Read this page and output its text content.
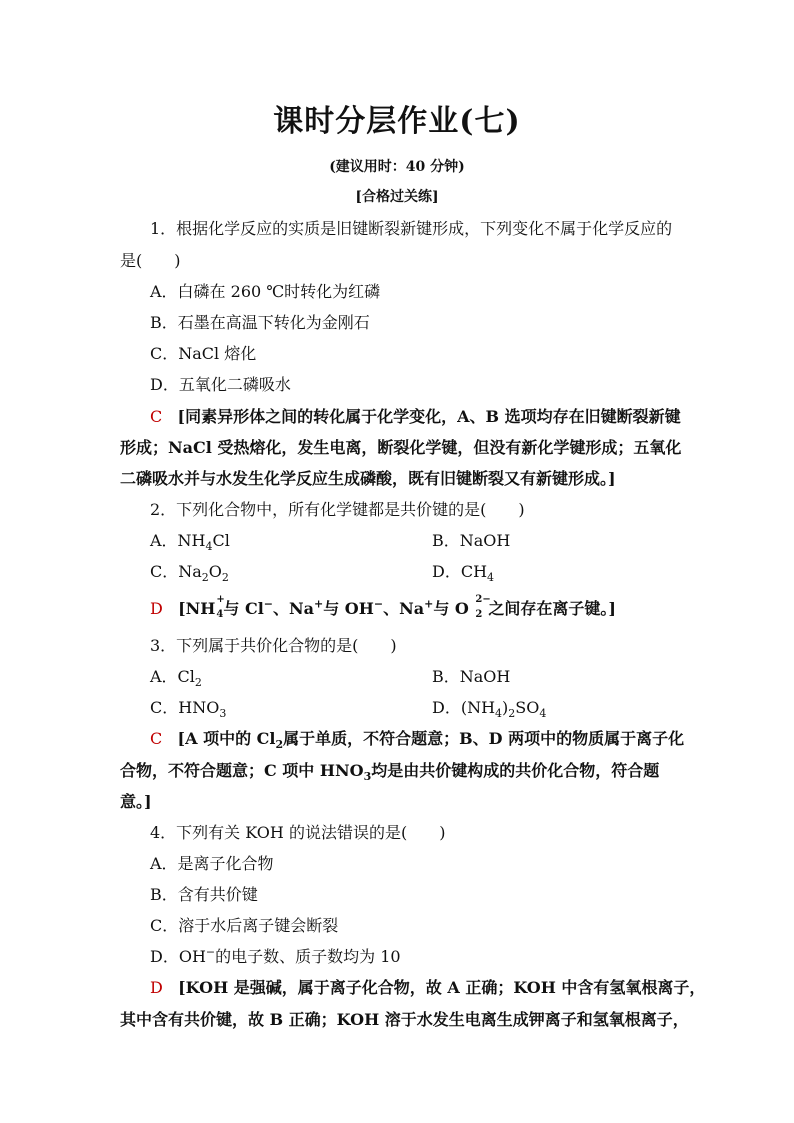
课时分层作业(七)
(建议用时：40 分钟)
[合格过关练]
1．根据化学反应的实质是旧键断裂新键形成，下列变化不属于化学反应的
是(　　)
A．白磷在 260 ℃时转化为红磷
B．石墨在高温下转化为金刚石
C．NaCl 熔化
D．五氧化二磷吸水
C [同素异形体之间的转化属于化学变化，A、B 选项均存在旧键断裂新键
形成；NaCl 受热熔化，发生电离，断裂化学键，但没有新化学键形成；五氧化
二磷吸水并与水发生化学反应生成磷酸，既有旧键断裂又有新键形成。]
2．下列化合物中，所有化学键都是共价键的是(　　)
A．$NH_4Cl$	B．NaOH
C．$Na_2O_2$	D．$CH_4$
D [NH +
4 与 Cl−、Na+与 OH−、Na+与 O 2−
2 之间存在离子键。]
3．下列属于共价化合物的是(　　)
A．$Cl_2$	B．NaOH
C．$HNO_3$	D．$(NH_4)_2SO_4$
C [A 项中的 $Cl_2$属于单质，不符合题意；B、D 两项中的物质属于离子化
合物，不符合题意；C 项中 $HNO_3$均是由共价键构成的共价化合物，符合题
意。]
4．下列有关 KOH 的说法错误的是(　　)
A．是离子化合物
B．含有共价键
C．溶于水后离子键会断裂
D．OH−的电子数、质子数均为 10
D [KOH 是强碱，属于离子化合物，故 A 正确；KOH 中含有氢氧根离子，
其中含有共价键，故 B 正确；KOH 溶于水发生电离生成钾离子和氢氧根离子，
